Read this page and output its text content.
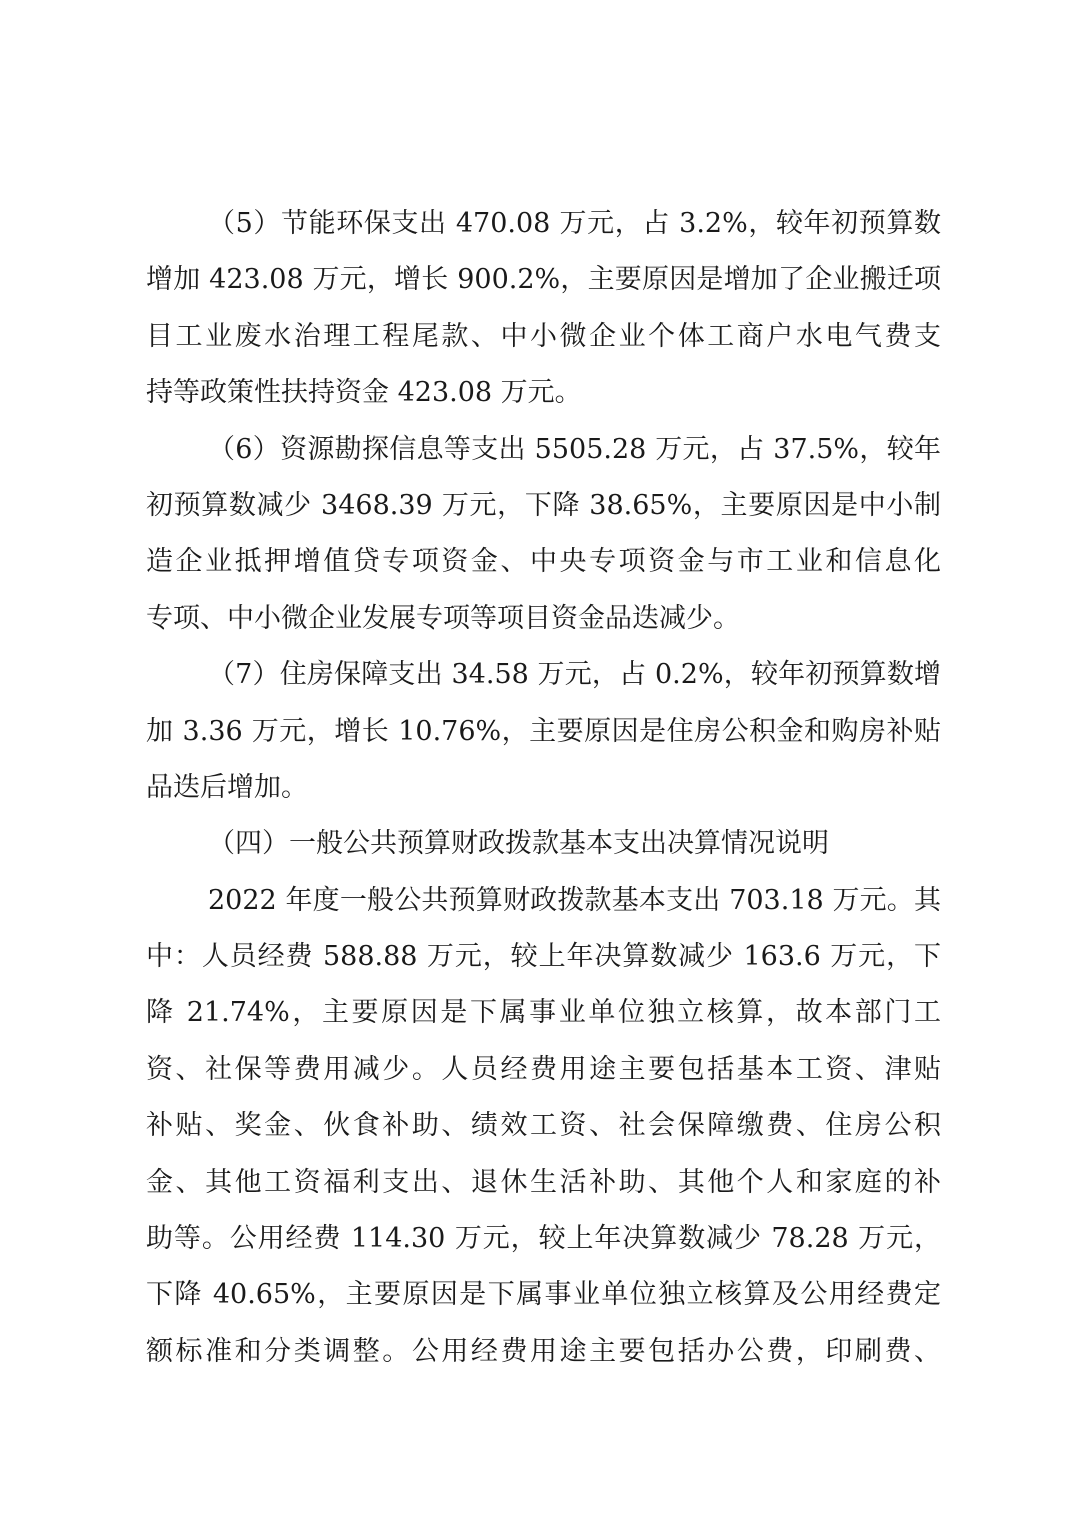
（5）节能环保支出 470.08 万元，占 3.2%，较年初预算数
增加 423.08 万元，增长 900.2%，主要原因是增加了企业搬迁项
目工业废水治理工程尾款、中小微企业个体工商户水电气费支
持等政策性扶持资金 423.08 万元。
（6）资源勘探信息等支出 5505.28 万元，占 37.5%，较年
初预算数减少 3468.39 万元，下降 38.65%，主要原因是中小制
造企业抵押增值贷专项资金、中央专项资金与市工业和信息化
专项、中小微企业发展专项等项目资金品迭减少。
（7）住房保障支出 34.58 万元，占 0.2%，较年初预算数增
加 3.36 万元，增长 10.76%，主要原因是住房公积金和购房补贴
品迭后增加。
（四）一般公共预算财政拨款基本支出决算情况说明
2022 年度一般公共预算财政拨款基本支出 703.18 万元。其
中：人员经费 588.88 万元，较上年决算数减少 163.6 万元，下
降 21.74%，主要原因是下属事业单位独立核算，故本部门工
资、社保等费用减少。人员经费用途主要包括基本工资、津贴
补贴、奖金、伙食补助、绩效工资、社会保障缴费、住房公积
金、其他工资福利支出、退休生活补助、其他个人和家庭的补
助等。公用经费 114.30 万元，较上年决算数减少 78.28 万元，
下降 40.65%，主要原因是下属事业单位独立核算及公用经费定
额标准和分类调整。公用经费用途主要包括办公费，印刷费、
